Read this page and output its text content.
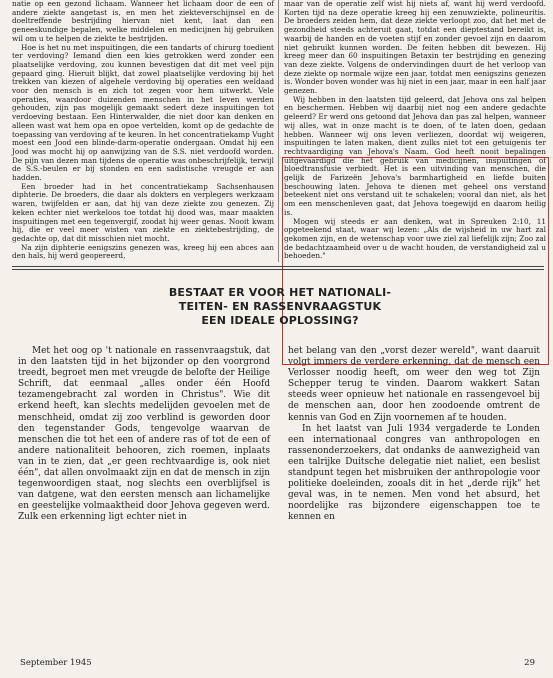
natie op een gezond lichaam. Wanneer het lichaam door de een of andere ziekte aangetast is, en men het ziekteverschijnsel en de doeltreffende bestrijding hiervan niet kent, laat dan een geneeskundige bepalen, welke middelen en medicijnen hij gebruiken wil om u te helpen de ziekte te bestrijden.

Hoe is het nu met inspuitingen, die een tandarts of chirurg toedient ter verdoving? Iemand dien een kies getrokken werd zonder een plaatselijke verdoving, zou kunnen bevestigen dat dit met veel pijn gepaard ging. Hieruit blijkt, dat zowel plaatselijke verdoving bij het trekken van kiezen of algehele verdoving bij operaties een weldaad voor den mensch is en zich tot zegen voor hem uitwerkt. Vele operaties, waardoor duizenden menschen in het leven werden gehouden, zijn pas mogelijk gemaakt sedert deze inspuitingen tot verdoeving bestaan. Een Hinterwalder, die niet door kan denken en alleen wast wat hem opa en opoe vertelden, komt op de gedachte de toepassing van verdoving af te keuren. In het concentratiekamp Vught moest een Jood een blinde-darm-operatie ondergaan. Omdat hij een Jood was mocht hij op aanwijzing van de S.S. niet verdoofd worden. De pijn van dezen man tijdens de operatie was onbeschrijfelijk, terwijl de S.S.-beulen er bij stonden en een sadistische vreugde er aan hadden.

Een broeder had in het concentratiekamp Sachsenhausen diphterie. De broeders, die daar als dokters en verplegers werkzaam waren, twijfelden er aan, dat hij van deze ziekte zou genezen. Zij keken echter niet werkeloos toe totdat hij dood was, maar maakten inspuitingen met een tegenvergif, zoodat hij weer genas. Nooit kwam hij, die er veel meer wisten van ziekte en ziektebestrijding, de gedachte op, dat dit misschien niet mocht.

Na zijn diphterie eenigszins genezen was, kreeg hij een abces aan den hals, hij werd geopereerd,

maar van de operatie zelf wist hij niets af, want hij werd verdoofd. Korten tijd na deze operatie kreeg hij een zenuwziekte, polineuritis. De broeders zeiden hem, dat deze ziekte verloopt zoo, dat het met de gezondheid steeds achteruit gaat, totdat een dieptestand bereikt is, waarbij de handen en de voeten stijf en zonder gevoel zijn en daarom niet gebruikt kunnen worden. De feiten hebben dit bewezen. Hij kreeg meer dan 60 inspuitingen Betaxin ter bestrijding en genezing van deze ziekte. Volgens de ondervindingen duurt de het verloop van deze ziekte op normale wijze een jaar, totdat men eenigszins genezen is. Wonder boven wonder was hij niet in een jaar, maar in een half jaar genezen.

Wij hebben in den laatsten tijd geleerd, dat Jehova ons zal helpen en beschermen. Hebben wij daarbij niet nog een andere gedachte geleerd? Er werd ons getoond dat Jehova dan pas zal helpen, wanneer wij alles, wat in onze macht is te doen, of te laten doen, gedaan hebben. Wanneer wij ons leven verliezen, doordat wij weigeren, inspuitingen te laten maken, dient zulks niet tot een getuigenis ter rechtvaardiging van Jehova's Naam. God heeft nooit bepalingen uitgevaardigd die het gebruik van medicijnen, inspuitingen of bloedtransfusie verbiedt. Het is een uitvinding van menschen, die gelijk de Farizeën Jehova's barmhartigheid en liefde buiten beschouwing laten. Jehova te dienen met geheel ons verstand beteekent niet ons verstand uit te schakelen; vooral dan niet, als het om een menschenleven gaat, dat Jehova toegewijd en daarom heilig is.

Mogen wij steeds er aan denken, wat in Spreuken 2:10, 11 opgeteekend staat, waar wij lezen: „Als de wijsheid in uw hart zal gekomen zijn, en de wetenschap voor uwe ziel zal liefelijk zijn; Zoo zal de bedachtzaamheid over u de wacht houden, de verstandigheid zal u behoeden."

BESTAAT ER VOOR HET NATIONALI-
TEITEN- EN RASSENVRAAGSTUK
EEN IDEALE OPLOSSING?

Met het oog op 't nationale en rassenvraagstuk, dat in den laatsten tijd in het bijzonder op den voorgrond treedt, begroet men met vreugde de belofte der Heilige Schrift, dat eenmaal „alles onder één Hoofd tezamengebracht zal worden in Christus". Wie dit erkend heeft, kan slechts medelijden gevoelen met de menschheid, omdat zij zoo verblind is geworden door den tegenstander Gods, tengevolge waarvan de menschen die tot het een of andere ras of tot de een of andere nationaliteit behooren, zich roemen, inplaats van in te zien, dat „er geen rechtvaardige is, ook niet één", dat allen onvolmaakt zijn en dat de mensch in zijn tegenwoordigen staat, nog slechts een overblijfsel is van datgene, wat den eersten mensch aan lichamelijke en geestelijke volmaaktheid door Jehova gegeven werd. Zulk een erkenning ligt echter niet in

het belang van den „vorst dezer wereld", want daaruit volgt immers de verdere erkenning, dat de mensch een Verlosser noodig heeft, om weer den weg tot Zijn Schepper terug te vinden. Daarom wakkert Satan steeds weer opnieuw het nationale en rassengevoel bij de menschen aan, door hen zoodoende omtrent de kennis van God en Zijn voornemen af te houden.

In het laatst van Juli 1934 vergaderde te Londen een internationaal congres van anthropologen en rassenonderzoekers, dat ondanks de aanwezigheid van een talrijke Duitsche delegatie niet naliet, een beslist standpunt tegen het misbruiken der anthropologie voor politieke doeleinden, zooals dit in het „derde rijk" het geval was, in te nemen. Men vond het absurd, het noordelijke ras bijzondere eigenschappen toe te kennen en

September 1945	29
